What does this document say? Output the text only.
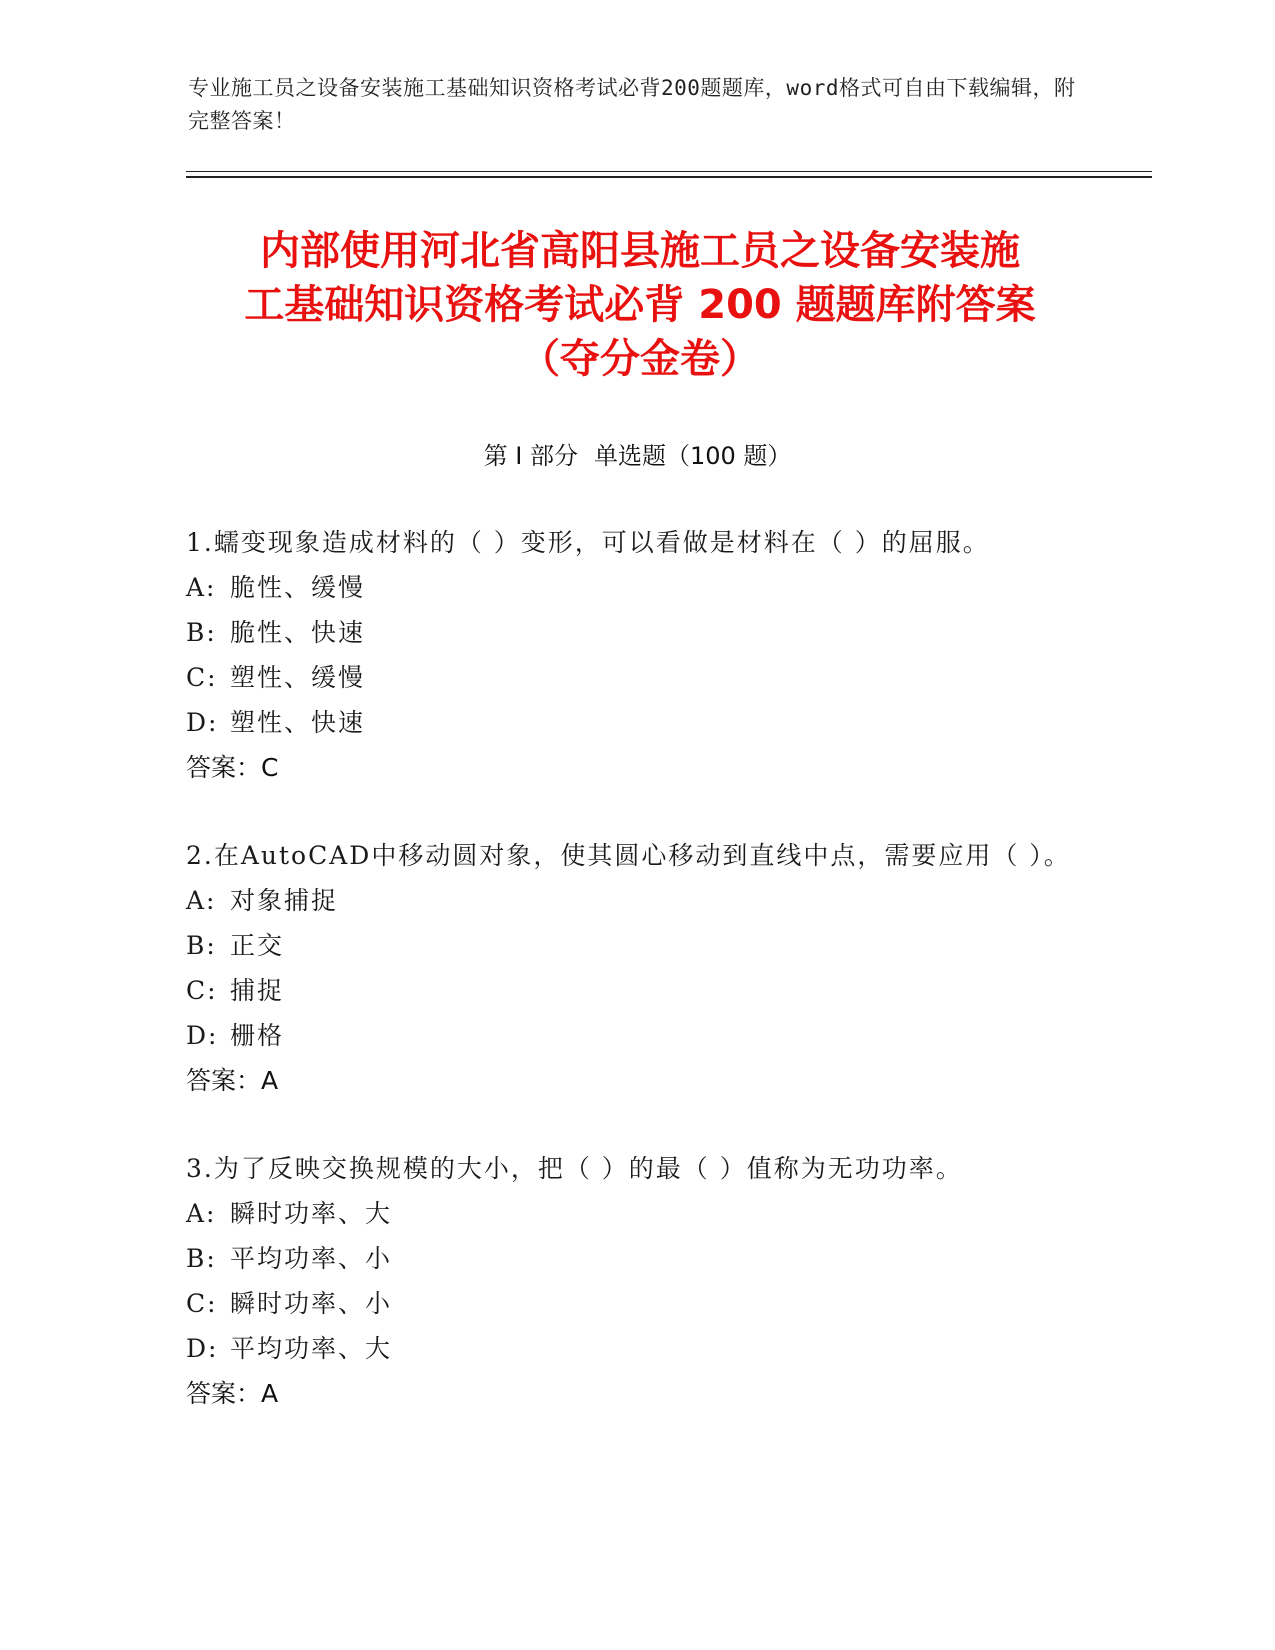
专业施工员之设备安装施工基础知识资格考试必背200题题库，word格式可自由下载编辑，附完整答案！
内部使用河北省高阳县施工员之设备安装施
工基础知识资格考试必背 200 题题库附答案
（夺分金卷）
第 I 部分 单选题（100 题）
1.蠕变现象造成材料的（ ）变形，可以看做是材料在（ ）的屈服。
A: 脆性、缓慢
B: 脆性、快速
C: 塑性、缓慢
D: 塑性、快速
答案：C
2.在AutoCAD中移动圆对象，使其圆心移动到直线中点，需要应用（ ）。
A: 对象捕捉
B: 正交
C: 捕捉
D: 栅格
答案：A
3.为了反映交换规模的大小，把（ ）的最（ ）值称为无功功率。
A: 瞬时功率、大
B: 平均功率、小
C: 瞬时功率、小
D: 平均功率、大
答案：A
